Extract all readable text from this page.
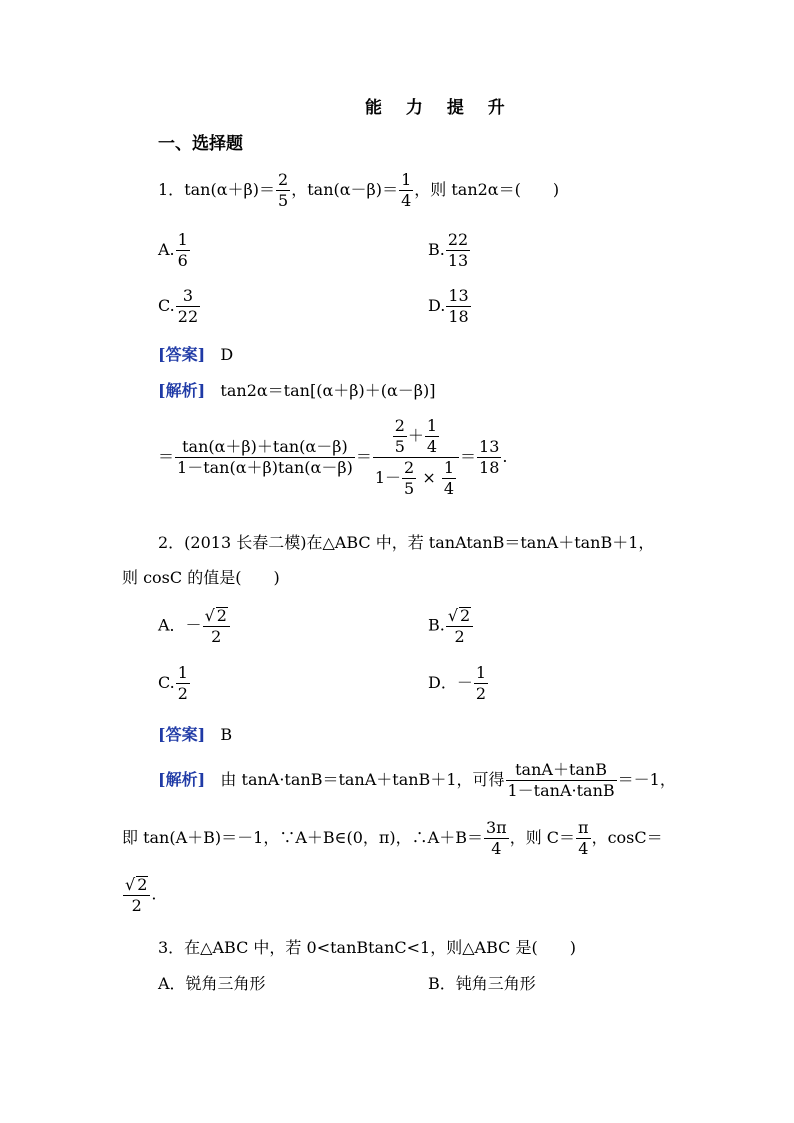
能 力 提 升
一、选择题
1．$\tan(\alpha+\beta)= \frac{2}{5}$ ，$\tan(\alpha-\beta)= \frac{1}{4}$ ，则 tan2α＝(　　)
A. $\frac{1}{6}$	B. $\frac{22}{13}$
C. $\frac{3}{22}$	D. $\frac{13}{18}$
[答案] D
[解析] tan2α＝tan[(α＋β)＋(α－β)]
＝ $\frac{\tan(\alpha+\beta)+\tan(\alpha-\beta)}{1-\tan(\alpha+\beta)\tan(\alpha-\beta)} = \frac{\frac{2}{5} + \frac{1}{4}}{1- \frac{2}{5} \times \frac{1}{4}} = \frac{13}{18}$ .
2．(2013 长春二模)在△ABC 中，若 tanAtanB＝tanA＋tanB＋1，
则 cosC 的值是(　　)
A．－ $\frac{√ 2}{2}$	B. $\frac{√ 2}{2}$
C. $\frac{1}{2}$	D．－ $\frac{1}{2}$
[答案] B
[解析] 由 tanA·tanB＝tanA＋tanB＋1，可得 $\frac{\tan A+\tan B}{1-\tan A\cdot\tan B} =-1$，
即 tan(A＋B)＝－1，∵A＋B∈(0，π)，∴A＋B＝ $\frac{3\pi}{4}$ ，则 $C= \frac{\pi}{4}$ ，cosC＝
$\frac{√ 2}{2}$ .
3．在△ABC 中，若 0<tanBtanC<1，则△ABC 是(　　)
A．锐角三角形	B．钝角三角形
